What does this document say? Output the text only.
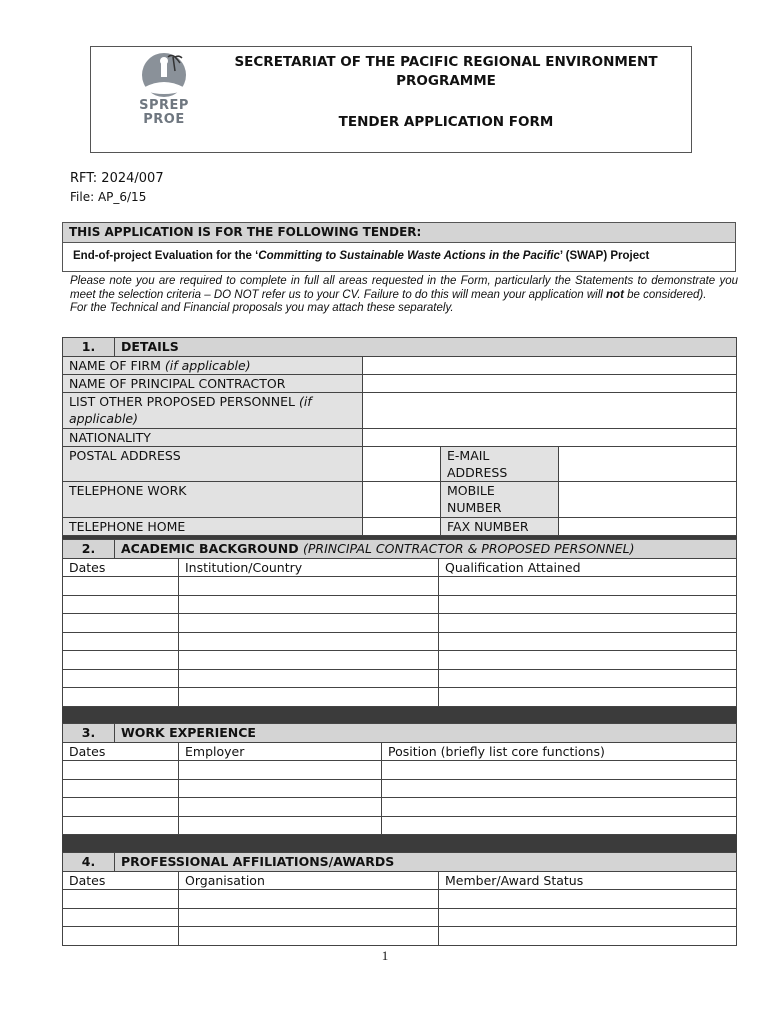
SPREP
PROE
SECRETARIAT OF THE PACIFIC REGIONAL ENVIRONMENT
PROGRAMME
TENDER APPLICATION FORM
RFT: 2024/007
File: AP_6/15
THIS APPLICATION IS FOR THE FOLLOWING TENDER:
End-of-project Evaluation for the ‘Committing to Sustainable Waste Actions in the Pacific’ (SWAP) Project

Please note you are required to complete in full all areas requested in the Form, particularly the Statements to demonstrate you meet the selection criteria – DO NOT refer us to your CV. Failure to do this will mean your application will not be considered).

For the Technical and Financial proposals you may attach these separately.

1.	DETAILS			
NAME OF FIRM (if applicable)				
NAME OF PRINCIPAL CONTRACTOR				
LIST OTHER PROPOSED PERSONNEL (if applicable)				
NATIONALITY				
POSTAL ADDRESS			E-MAIL ADDRESS	
TELEPHONE WORK			MOBILE NUMBER	
TELEPHONE HOME			FAX NUMBER	

2.	ACADEMIC BACKGROUND (PRINCIPAL CONTRACTOR & PROPOSED PERSONNEL)		
Dates		Institution/Country	Qualification Attained

3.	WORK EXPERIENCE		
Dates		Employer	Position (briefly list core functions)

4.	PROFESSIONAL AFFILIATIONS/AWARDS		
Dates		Organisation	Member/Award Status

1
